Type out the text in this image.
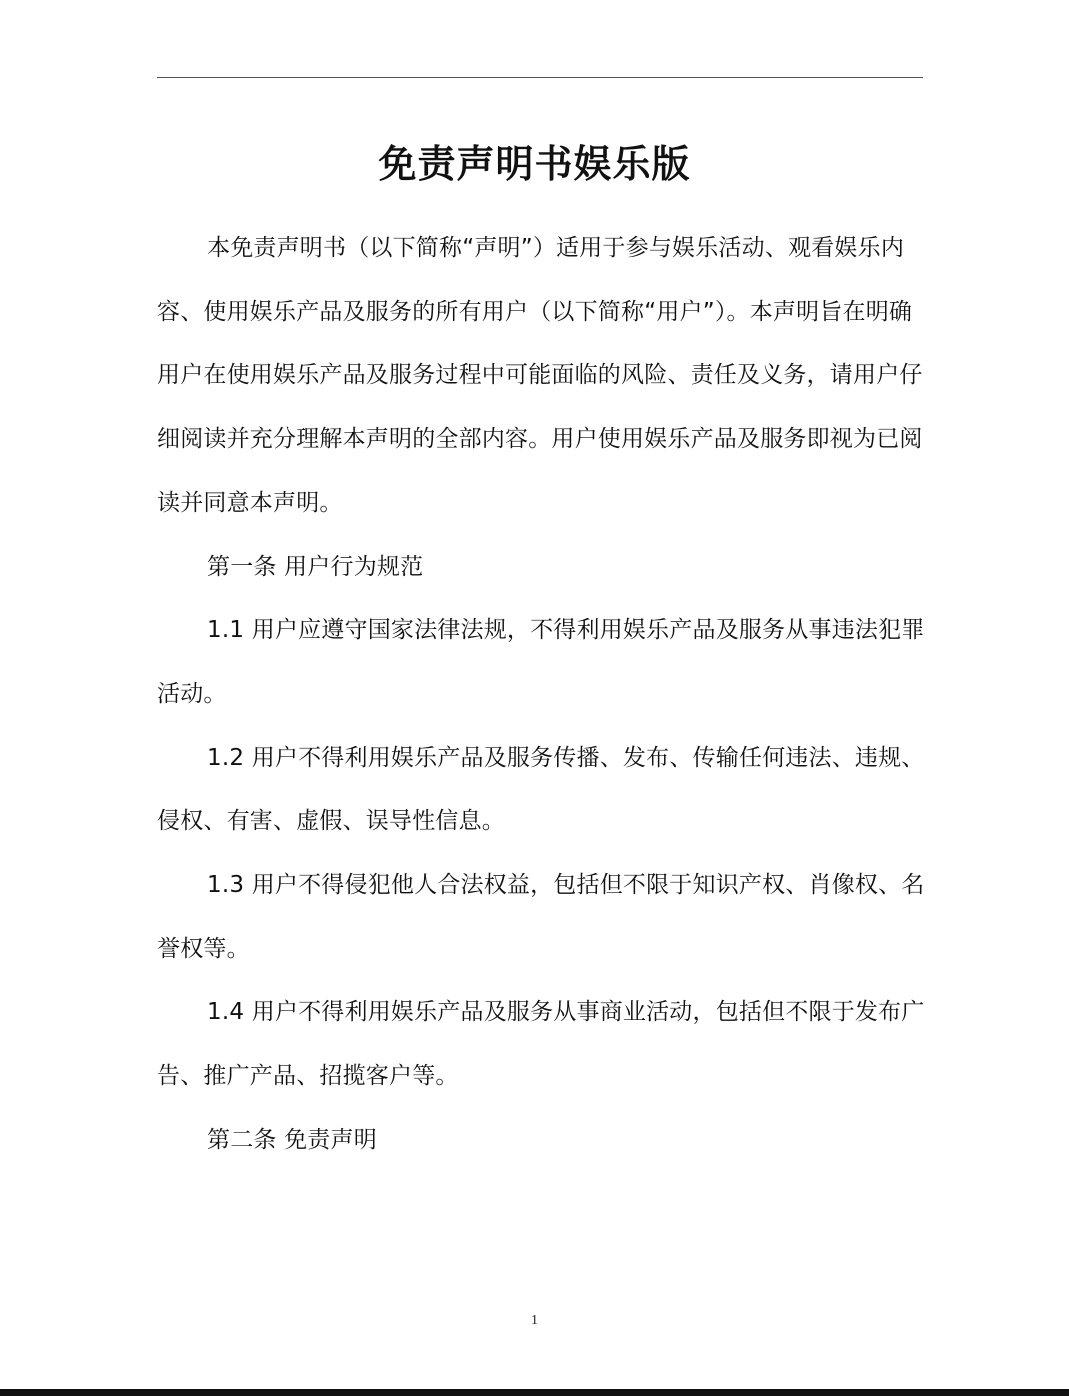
免责声明书娱乐版

本免责声明书（以下简称“声明”）适用于参与娱乐活动、观看娱乐内容、使用娱乐产品及服务的所有用户（以下简称“用户”）。本声明旨在明确用户在使用娱乐产品及服务过程中可能面临的风险、责任及义务，请用户仔细阅读并充分理解本声明的全部内容。用户使用娱乐产品及服务即视为已阅读并同意本声明。

第一条 用户行为规范

1.1 用户应遵守国家法律法规，不得利用娱乐产品及服务从事违法犯罪活动。

1.2 用户不得利用娱乐产品及服务传播、发布、传输任何违法、违规、侵权、有害、虚假、误导性信息。

1.3 用户不得侵犯他人合法权益，包括但不限于知识产权、肖像权、名誉权等。

1.4 用户不得利用娱乐产品及服务从事商业活动，包括但不限于发布广告、推广产品、招揽客户等。

第二条 免责声明

1
